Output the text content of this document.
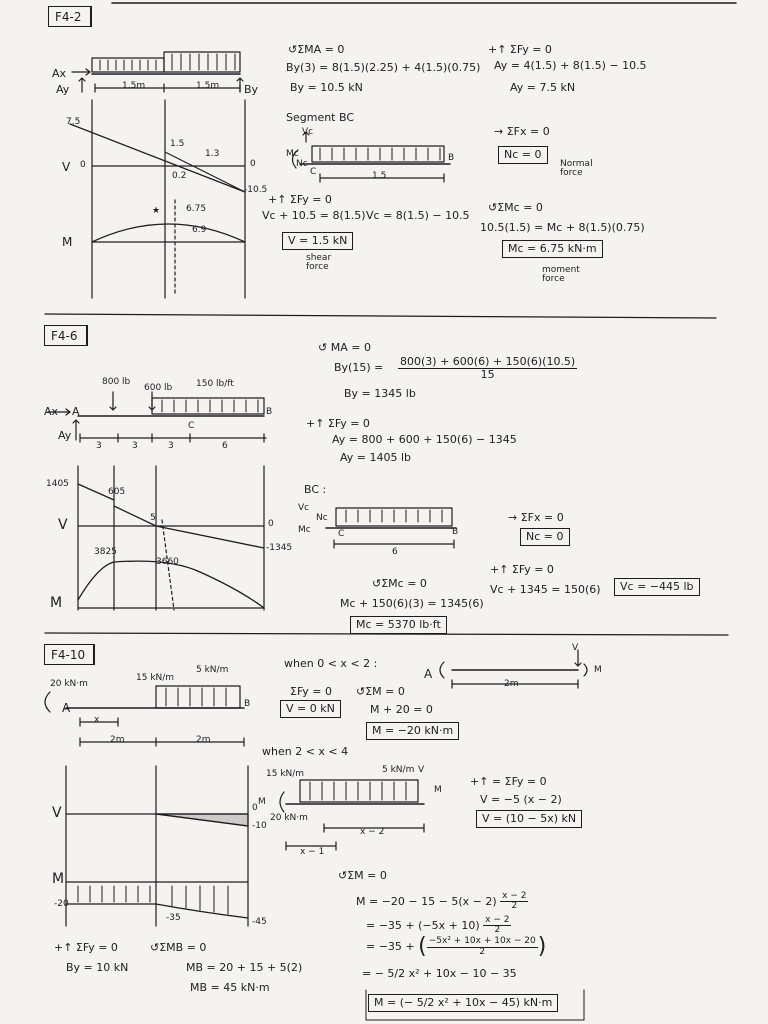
F4-2
Ax
Ay	1.5m	1.5m By
7.5
V 0	0
-10.5
1.5
1.3
0.2
M
★	6.75
6.9
↺ΣMA = 0
By(3) = 8(1.5)(2.25) + 4(1.5)(0.75)
By = 10.5 kN
+↑ ΣFy = 0
Ay = 4(1.5) + 8(1.5) − 10.5
Ay = 7.5 kN
Segment BC
Vc
Mc
Nc
C
B
1.5
→ ΣFx = 0
Nc = 0
Normal force
+↑ ΣFy = 0
Vc + 10.5 = 8(1.5) Vc = 8(1.5) − 10.5
V = 1.5 kN
shear force
↺ΣMc = 0
10.5(1.5) = Mc + 8(1.5)(0.75)
Mc = 6.75 kN·m
moment force
F4-6
800 lb
600 lb	150 lb/ft
Ax A
Ay
B
C
3	3	3	6
1405
V	0
-1345
605
5
M
3825
3660
↺ MA = 0
$By(15) = \frac{800(3) + 600(6) + 150(6)(10.5)}{15}$
By = 1345 lb
+↑ ΣFy = 0
Ay = 800 + 600 + 150(6) − 1345
Ay = 1405 lb
BC :
Vc
Nc
Mc	C	B
6
→ ΣFx = 0
Nc = 0
↺ΣMc = 0
Mc + 150(6)(3) = 1345(6)
Mc = 5370 lb·ft
+↑ ΣFy = 0
Vc + 1345 = 150(6)	Vc = −445 lb
F4-10
20 kN·m
15 kN/m
5 kN/m
A	B
x
2m	2m
V	0
-10
M
-20
-35	-45
when 0 < x < 2 :
ΣFy = 0
V = 0 kN
↺ΣM = 0
M + 20 = 0
M = −20 kN·m
A
V
M
2m
when 2 < x < 4
15 kN/m	5 kN/m V
M
M
20 kN·m
x − 2
x − 1
+↑ = ΣFy = 0
V = −5 (x − 2)
V = (10 − 5x) kN
↺ΣM = 0
$M = -20 - 15 - 5(x - 2) \frac{x - 2}{2}$
= $-35 + (-5x + 10) \frac{x - 2}{2}$
= −35 + ( $\frac{\text{−5x² + 10x + 10x − 20}}{2}$ )
= − 5/2 x² + 10x − 10 − 35
M = (− 5/2 x² + 10x − 45) kN·m
+↑ ΣFy = 0
By = 10 kN
↺ΣMB = 0
MB = 20 + 15 + 5(2)
MB = 45 kN·m
